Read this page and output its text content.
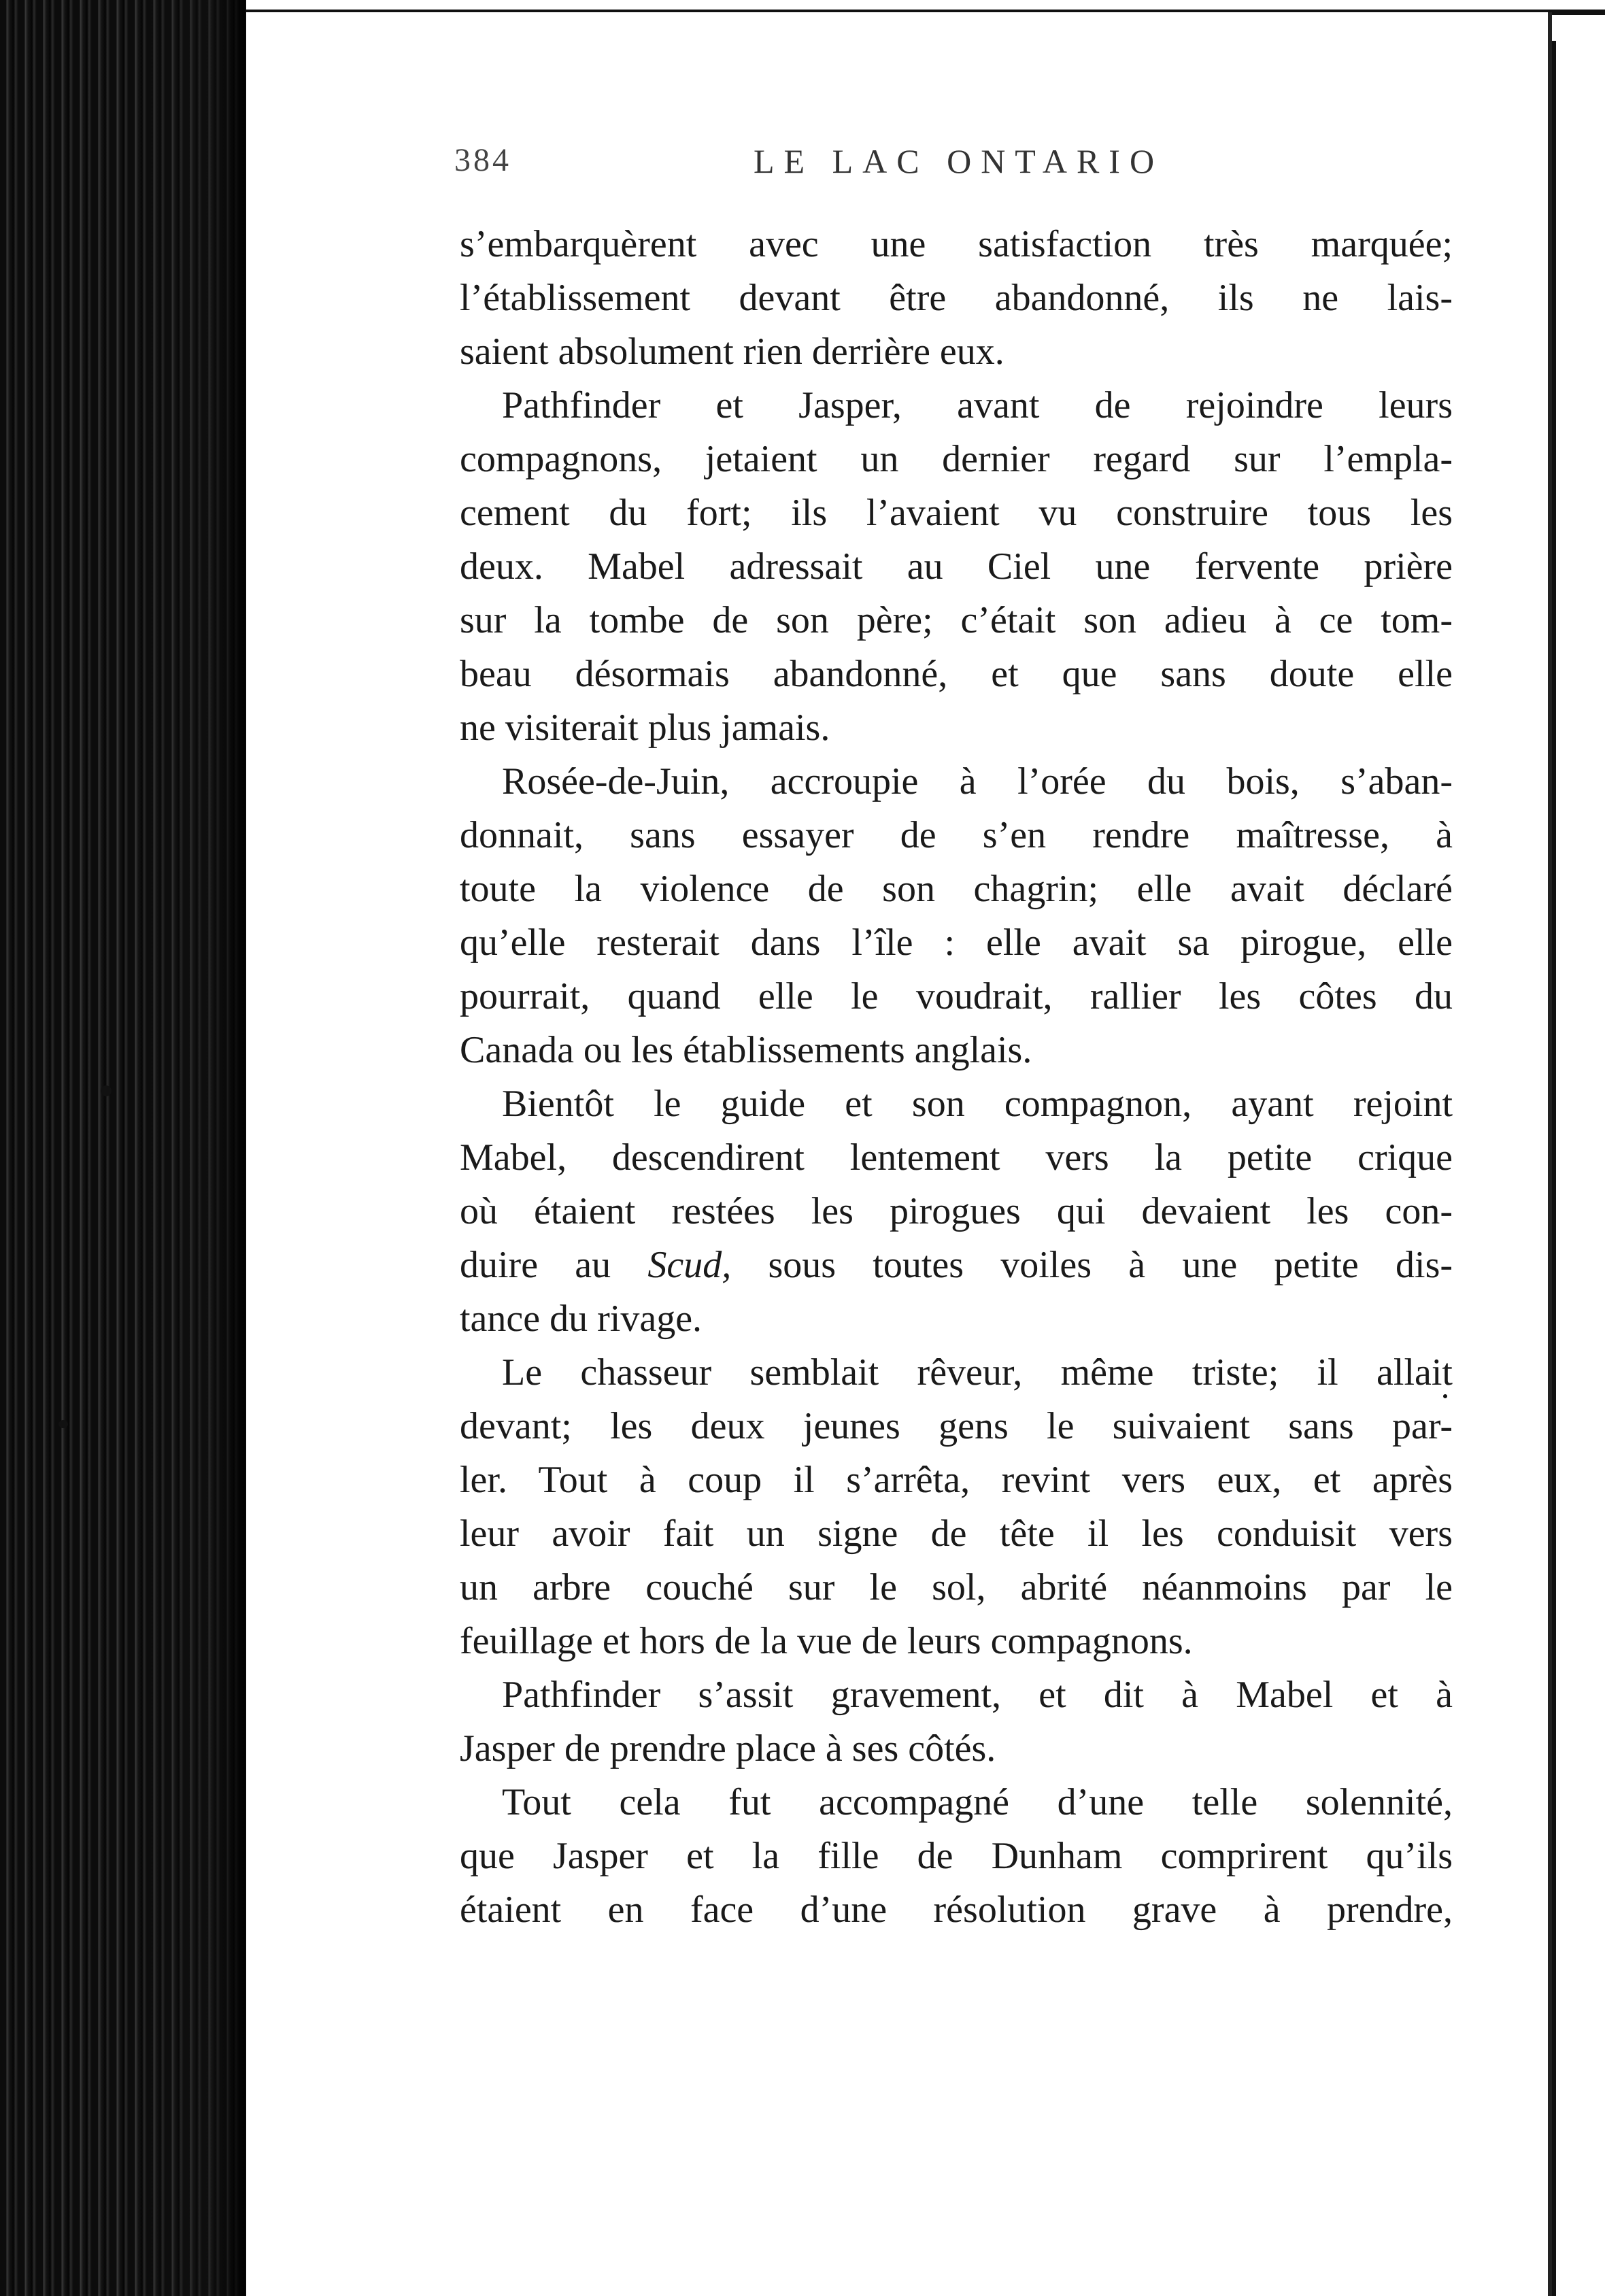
384	LE LAC ONTARIO

s’embarquèrent avec une satisfaction très marquée;
l’établissement devant être abandonné, ils ne lais-
saient absolument rien derrière eux.

Pathfinder et Jasper, avant de rejoindre leurs
compagnons, jetaient un dernier regard sur l’empla-
cement du fort; ils l’avaient vu construire tous les
deux. Mabel adressait au Ciel une fervente prière
sur la tombe de son père; c’était son adieu à ce tom-
beau désormais abandonné, et que sans doute elle
ne visiterait plus jamais.

Rosée-de-Juin, accroupie à l’orée du bois, s’aban-
donnait, sans essayer de s’en rendre maîtresse, à
toute la violence de son chagrin; elle avait déclaré
qu’elle resterait dans l’île : elle avait sa pirogue, elle
pourrait, quand elle le voudrait, rallier les côtes du
Canada ou les établissements anglais.

Bientôt le guide et son compagnon, ayant rejoint
Mabel, descendirent lentement vers la petite crique
où étaient restées les pirogues qui devaient les con-
duire au Scud, sous toutes voiles à une petite dis-
tance du rivage.

Le chasseur semblait rêveur, même triste; il allait
devant; les deux jeunes gens le suivaient sans par-
ler. Tout à coup il s’arrêta, revint vers eux, et après
leur avoir fait un signe de tête il les conduisit vers
un arbre couché sur le sol, abrité néanmoins par le
feuillage et hors de la vue de leurs compagnons.

Pathfinder s’assit gravement, et dit à Mabel et à
Jasper de prendre place à ses côtés.

Tout cela fut accompagné d’une telle solennité,
que Jasper et la fille de Dunham comprirent qu’ils
étaient en face d’une résolution grave à prendre,
